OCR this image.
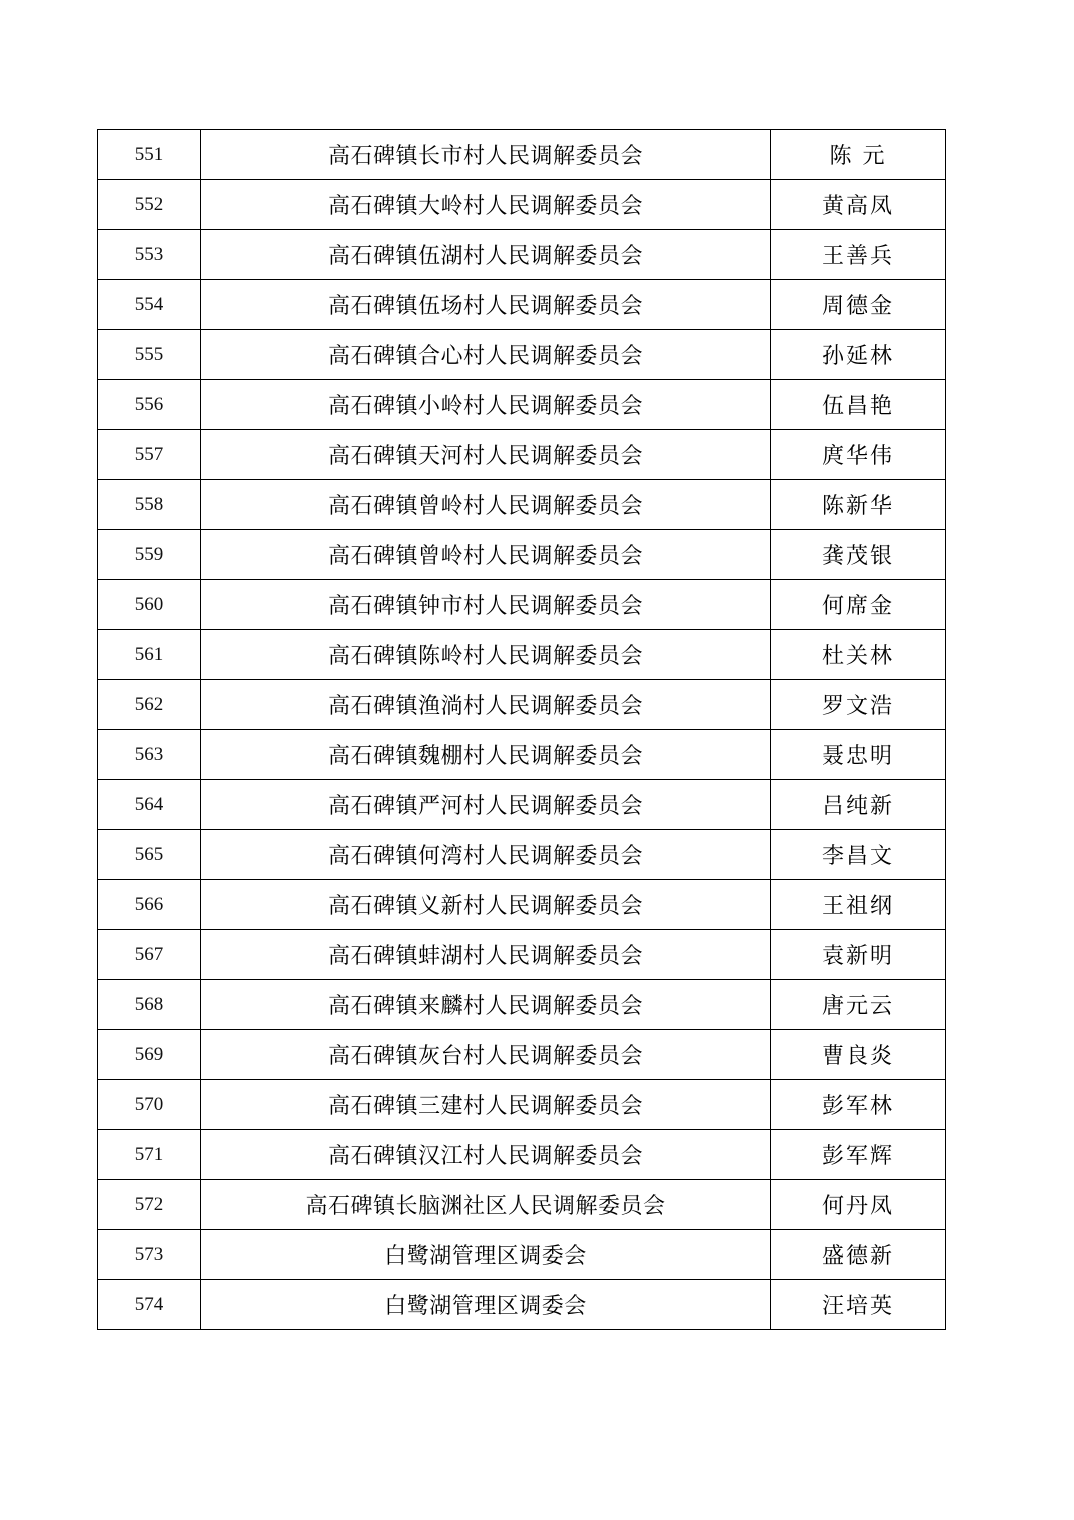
551	高石碑镇长市村人民调解委员会	陈 元
552	高石碑镇大岭村人民调解委员会	黄高凤
553	高石碑镇伍湖村人民调解委员会	王善兵
554	高石碑镇伍场村人民调解委员会	周德金
555	高石碑镇合心村人民调解委员会	孙延林
556	高石碑镇小岭村人民调解委员会	伍昌艳
557	高石碑镇天河村人民调解委员会	庹华伟
558	高石碑镇曾岭村人民调解委员会	陈新华
559	高石碑镇曾岭村人民调解委员会	龚茂银
560	高石碑镇钟市村人民调解委员会	何席金
561	高石碑镇陈岭村人民调解委员会	杜关林
562	高石碑镇渔淌村人民调解委员会	罗文浩
563	高石碑镇魏棚村人民调解委员会	聂忠明
564	高石碑镇严河村人民调解委员会	吕纯新
565	高石碑镇何湾村人民调解委员会	李昌文
566	高石碑镇义新村人民调解委员会	王祖纲
567	高石碑镇蚌湖村人民调解委员会	袁新明
568	高石碑镇来麟村人民调解委员会	唐元云
569	高石碑镇灰台村人民调解委员会	曹良炎
570	高石碑镇三建村人民调解委员会	彭军林
571	高石碑镇汉江村人民调解委员会	彭军辉
572	高石碑镇长脑渊社区人民调解委员会	何丹凤
573	白鹭湖管理区调委会	盛德新
574	白鹭湖管理区调委会	汪培英
